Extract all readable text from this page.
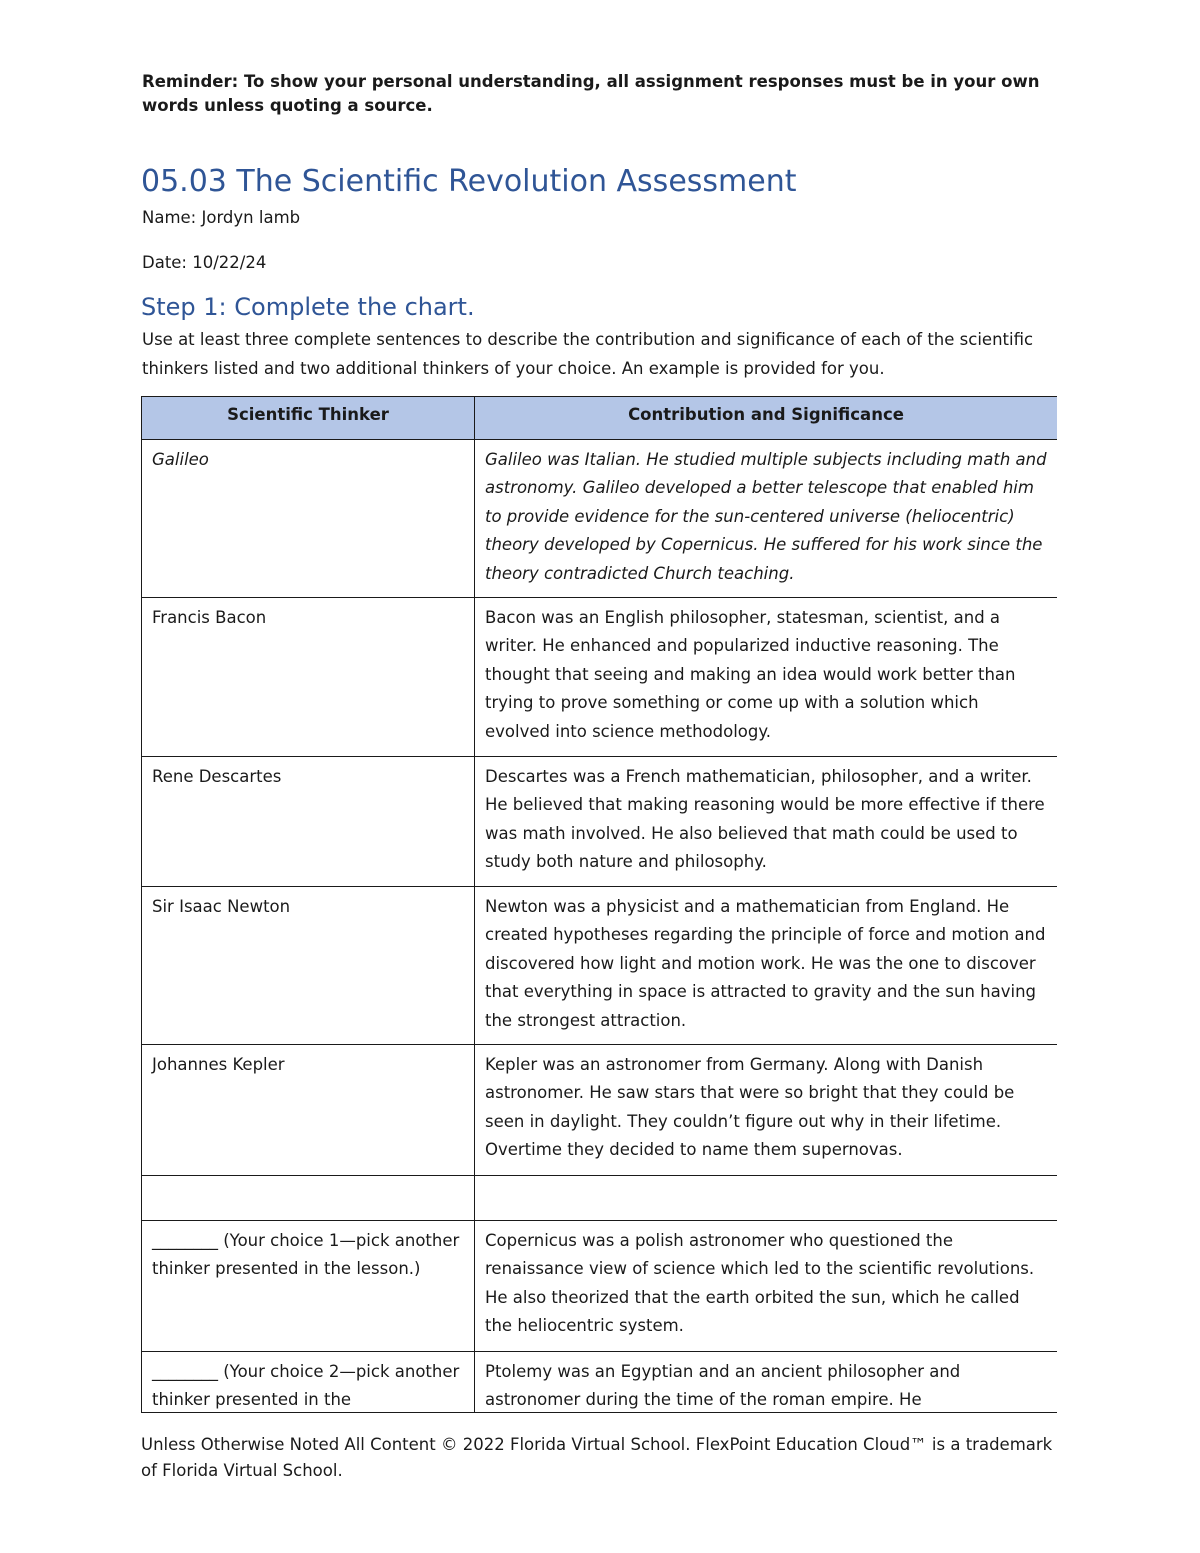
Reminder: To show your personal understanding, all assignment responses must be in your own words unless quoting a source.
05.03 The Scientific Revolution Assessment
Name: Jordyn lamb
Date: 10/22/24
Step 1: Complete the chart.

Use at least three complete sentences to describe the contribution and significance of each of the scientific thinkers listed and two additional thinkers of your choice. An example is provided for you.

Scientific Thinker	Contribution and Significance
Galileo	Galileo was Italian. He studied multiple subjects including math and astronomy. Galileo developed a better telescope that enabled him to provide evidence for the sun-centered universe (heliocentric) theory developed by Copernicus. He suffered for his work since the theory contradicted Church teaching.
Francis Bacon	Bacon was an English philosopher, statesman, scientist, and a writer. He enhanced and popularized inductive reasoning. The thought that seeing and making an idea would work better than trying to prove something or come up with a solution which evolved into science methodology.
Rene Descartes	Descartes was a French mathematician, philosopher, and a writer. He believed that making reasoning would be more effective if there was math involved. He also believed that math could be used to study both nature and philosophy.
Sir Isaac Newton	Newton was a physicist and a mathematician from England. He created hypotheses regarding the principle of force and motion and discovered how light and motion work. He was the one to discover that everything in space is attracted to gravity and the sun having the strongest attraction.
Johannes Kepler	Kepler was an astronomer from Germany. Along with Danish astronomer. He saw stars that were so bright that they could be seen in daylight. They couldn’t figure out why in their lifetime. Overtime they decided to name them supernovas.

________ (Your choice 1—pick another thinker presented in the lesson.)	Copernicus was a polish astronomer who questioned the renaissance view of science which led to the scientific revolutions. He also theorized that the earth orbited the sun, which he called the heliocentric system.
________ (Your choice 2—pick another thinker presented in the	Ptolemy was an Egyptian and an ancient philosopher and astronomer during the time of the roman empire. He
Unless Otherwise Noted All Content © 2022 Florida Virtual School. FlexPoint Education Cloud™ is a trademark of Florida Virtual School.
